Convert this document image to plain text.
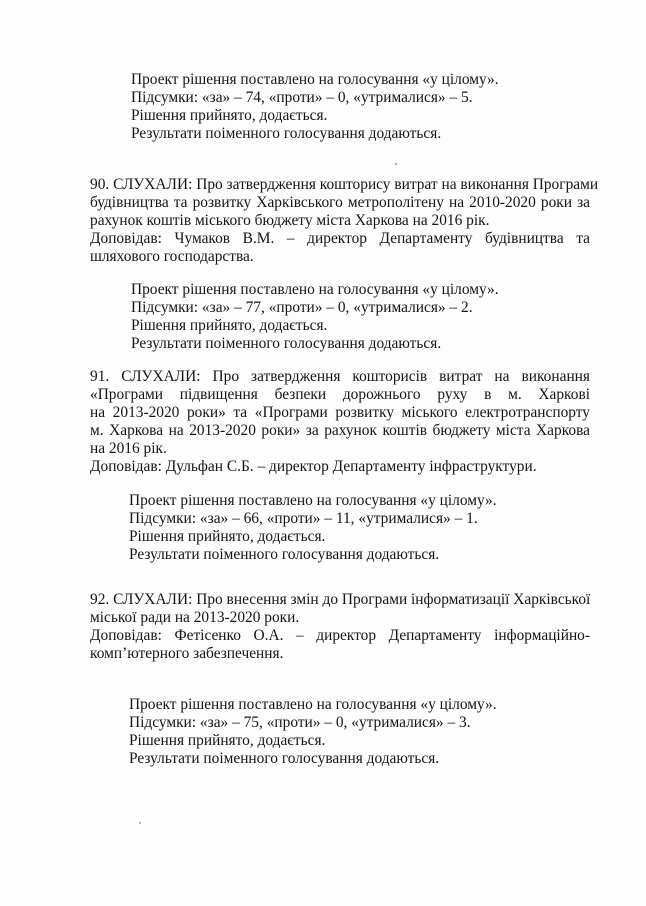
Проект рішення поставлено на голосування «у цілому».
Підсумки: «за» – 74, «проти» – 0, «утрималися» – 5.
Рішення прийнято, додається.
Результати поіменного голосування додаються.
90. СЛУХАЛИ: Про затвердження кошторису витрат на виконання Програми
будівництва та розвитку Харківського метрополітену на 2010-2020 роки за
рахунок коштів міського бюджету міста Харкова на 2016 рік.
Доповідав: Чумаков В.М. – директор Департаменту будівництва та
шляхового господарства.
Проект рішення поставлено на голосування «у цілому».
Підсумки: «за» – 77, «проти» – 0, «утрималися» – 2.
Рішення прийнято, додається.
Результати поіменного голосування додаються.
91. СЛУХАЛИ: Про затвердження кошторисів витрат на виконання
«Програми підвищення безпеки дорожнього руху в м. Харкові
на 2013-2020 роки» та «Програми розвитку міського електротранспорту
м. Харкова на 2013-2020 роки» за рахунок коштів бюджету міста Харкова
на 2016 рік.
Доповідав: Дульфан С.Б. – директор Департаменту інфраструктури.
Проект рішення поставлено на голосування «у цілому».
Підсумки: «за» – 66, «проти» – 11, «утрималися» – 1.
Рішення прийнято, додається.
Результати поіменного голосування додаються.
92. СЛУХАЛИ: Про внесення змін до Програми інформатизації Харківської
міської ради на 2013-2020 роки.
Доповідав: Фетісенко О.А. – директор Департаменту інформаційно-
комп’ютерного забезпечення.
Проект рішення поставлено на голосування «у цілому».
Підсумки: «за» – 75, «проти» – 0, «утрималися» – 3.
Рішення прийнято, додається.
Результати поіменного голосування додаються.
